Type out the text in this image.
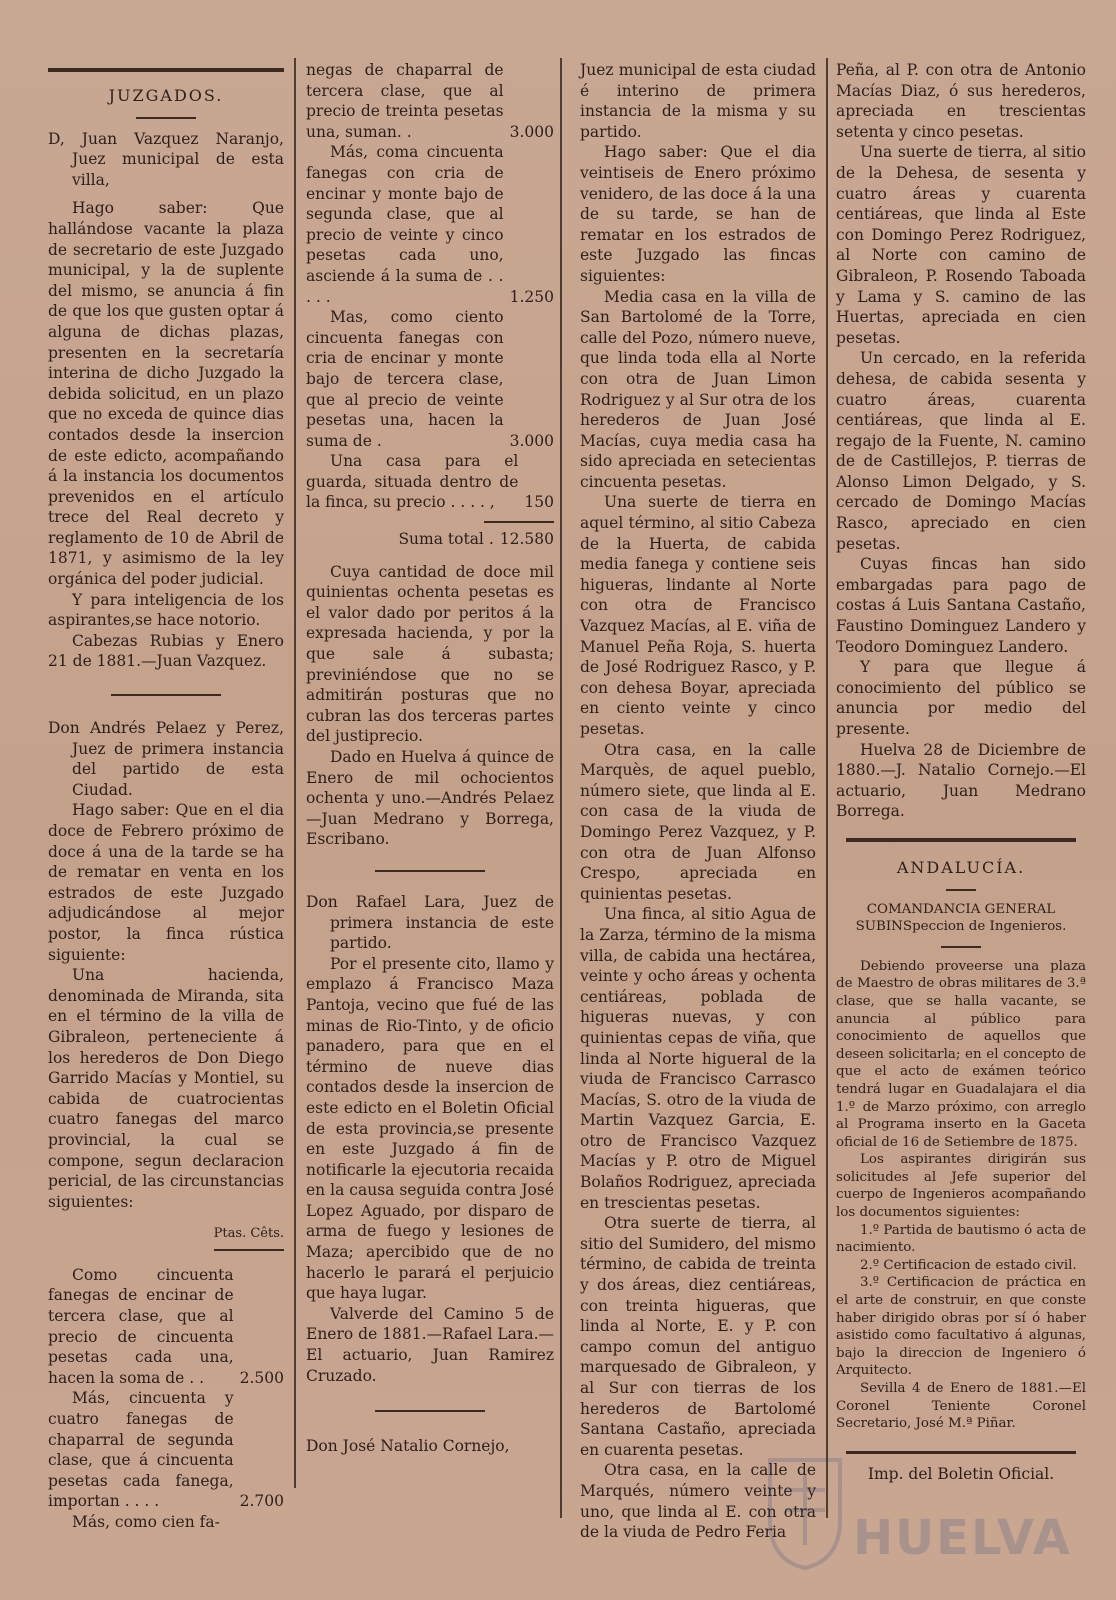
JUZGADOS.

D, Juan Vazquez Naranjo, Juez municipal de esta villa,

Hago saber: Que hallándose vacante la plaza de secretario de este Juzgado municipal, y la de suplente del mismo, se anuncia á fin de que los que gusten optar á alguna de dichas plazas, presenten en la secretaría interina de dicho Juzgado la debida solicitud, en un plazo que no exceda de quince dias contados desde la insercion de este edicto, acompañando á la instancia los documentos prevenidos en el artículo trece del Real decreto y reglamento de 10 de Abril de 1871, y asimismo de la ley orgánica del poder judicial.

Y para inteligencia de los aspirantes,se hace notorio.

Cabezas Rubias y Enero 21 de 1881.—Juan Vazquez.

Don Andrés Pelaez y Perez, Juez de primera instancia del partido de esta Ciudad.

Hago saber: Que en el dia doce de Febrero próximo de doce á una de la tarde se ha de rematar en venta en los estrados de este Juzgado adjudicándose al mejor postor, la finca rústica siguiente:

Una hacienda, denominada de Miranda, sita en el término de la villa de Gibraleon, perteneciente á los herederos de Don Diego Garrido Macías y Montiel, su cabida de cuatrocientas cuatro fanegas del marco provincial, la cual se compone, segun declaracion pericial, de las circunstancias siguientes:

Ptas. Cêts.

Como cincuenta fanegas de encinar de tercera clase, que al precio de cincuenta pesetas cada una, hacen la soma de . .	2.500

Más, cincuenta y cuatro fanegas de chaparral de segunda clase, que á cincuenta pesetas cada fanega, importan . . . .	2.700

Más, como cien fa-

negas de chaparral de tercera clase, que al precio de treinta pesetas una, suman. .	3.000

Más, coma cincuenta fanegas con cria de encinar y monte bajo de segunda clase, que al precio de veinte y cinco pesetas cada uno, asciende á la suma de . . . . .	1.250

Mas, como ciento cincuenta fanegas con cria de encinar y monte bajo de tercera clase, que al precio de veinte pesetas una, hacen la suma de .	3.000

Una casa para el guarda, situada dentro de la finca, su precio . . . . ,	150
Suma total . 12.580

Cuya cantidad de doce mil quinientas ochenta pesetas es el valor dado por peritos á la expresada hacienda, y por la que sale á subasta; previniéndose que no se admitirán posturas que no cubran las dos terceras partes del justiprecio.

Dado en Huelva á quince de Enero de mil ochocientos ochenta y uno.—Andrés Pelaez —Juan Medrano y Borrega, Escribano.

Don Rafael Lara, Juez de primera instancia de este partido.

Por el presente cito, llamo y emplazo á Francisco Maza Pantoja, vecino que fué de las minas de Rio-Tinto, y de oficio panadero, para que en el término de nueve dias contados desde la insercion de este edicto en el Boletin Oficial de esta provincia,se presente en este Juzgado á fin de notificarle la ejecutoria recaida en la causa seguida contra José Lopez Aguado, por disparo de arma de fuego y lesiones de Maza; apercibido que de no hacerlo le parará el perjuicio que haya lugar.

Valverde del Camino 5 de Enero de 1881.—Rafael Lara.—El actuario, Juan Ramirez Cruzado.

Don José Natalio Cornejo,

Juez municipal de esta ciudad é interino de primera instancia de la misma y su partido.

Hago saber: Que el dia veintiseis de Enero próximo venidero, de las doce á la una de su tarde, se han de rematar en los estrados de este Juzgado las fincas siguientes:

Media casa en la villa de San Bartolomé de la Torre, calle del Pozo, número nueve, que linda toda ella al Norte con otra de Juan Limon Rodriguez y al Sur otra de los herederos de Juan José Macías, cuya media casa ha sido apreciada en setecientas cincuenta pesetas.

Una suerte de tierra en aquel término, al sitio Cabeza de la Huerta, de cabida media fanega y contiene seis higueras, lindante al Norte con otra de Francisco Vazquez Macías, al E. viña de Manuel Peña Roja, S. huerta de José Rodriguez Rasco, y P. con dehesa Boyar, apreciada en ciento veinte y cinco pesetas.

Otra casa, en la calle Marquès, de aquel pueblo, número siete, que linda al E. con casa de la viuda de Domingo Perez Vazquez, y P. con otra de Juan Alfonso Crespo, apreciada en quinientas pesetas.

Una finca, al sitio Agua de la Zarza, término de la misma villa, de cabida una hectárea, veinte y ocho áreas y ochenta centiáreas, poblada de higueras nuevas, y con quinientas cepas de viña, que linda al Norte higueral de la viuda de Francisco Carrasco Macías, S. otro de la viuda de Martin Vazquez Garcia, E. otro de Francisco Vazquez Macías y P. otro de Miguel Bolaños Rodriguez, apreciada en trescientas pesetas.

Otra suerte de tierra, al sitio del Sumidero, del mismo término, de cabida de treinta y dos áreas, diez centiáreas, con treinta higueras, que linda al Norte, E. y P. con campo comun del antiguo marquesado de Gibraleon, y al Sur con tierras de los herederos de Bartolomé Santana Castaño, apreciada en cuarenta pesetas.

Otra casa, en la calle de Marqués, número veinte y uno, que linda al E. con otra de la viuda de Pedro Feria

Peña, al P. con otra de Antonio Macías Diaz, ó sus herederos, apreciada en trescientas setenta y cinco pesetas.

Una suerte de tierra, al sitio de la Dehesa, de sesenta y cuatro áreas y cuarenta centiáreas, que linda al Este con Domingo Perez Rodriguez, al Norte con camino de Gibraleon, P. Rosendo Taboada y Lama y S. camino de las Huertas, apreciada en cien pesetas.

Un cercado, en la referida dehesa, de cabida sesenta y cuatro áreas, cuarenta centiáreas, que linda al E. regajo de la Fuente, N. camino de de Castillejos, P. tierras de Alonso Limon Delgado, y S. cercado de Domingo Macías Rasco, apreciado en cien pesetas.

Cuyas fincas han sido embargadas para pago de costas á Luis Santana Castaño, Faustino Dominguez Landero y Teodoro Dominguez Landero.

Y para que llegue á conocimiento del público se anuncia por medio del presente.

Huelva 28 de Diciembre de 1880.—J. Natalio Cornejo.—El actuario, Juan Medrano Borrega.

ANDALUCÍA.
COMANDANCIA GENERAL SUBINSpeccion de Ingenieros.

Debiendo proveerse una plaza de Maestro de obras militares de 3.ª clase, que se halla vacante, se anuncia al público para conocimiento de aquellos que deseen solicitarla; en el concepto de que el acto de exámen teórico tendrá lugar en Guadalajara el dia 1.º de Marzo próximo, con arreglo al Programa inserto en la Gaceta oficial de 16 de Setiembre de 1875.

Los aspirantes dirigirán sus solicitudes al Jefe superior del cuerpo de Ingenieros acompañando los documentos siguientes:

1.º Partida de bautismo ó acta de nacimiento.

2.º Certificacion de estado civil.

3.º Certificacion de práctica en el arte de construir, en que conste haber dirigido obras por sí ó haber asistido como facultativo á algunas, bajo la direccion de Ingeniero ó Arquitecto.

Sevilla 4 de Enero de 1881.—El Coronel Teniente Coronel Secretario, José M.ª Piñar.

Imp. del Boletin Oficial.
HUELVA
